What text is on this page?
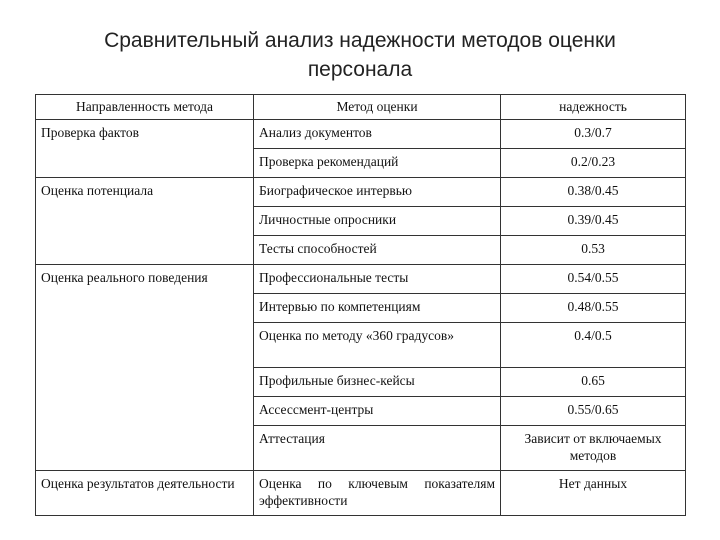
Сравнительный анализ надежности методов оценки
персонала
Направленность метода	Метод оценки	надежность
Проверка фактов	Анализ документов	0.3/0.7
	Проверка рекомендаций	0.2/0.23
Оценка потенциала	Биографическое интервью	0.38/0.45
	Личностные опросники	0.39/0.45
	Тесты способностей	0.53
Оценка реального поведения	Профессиональные тесты	0.54/0.55
	Интервью по компетенциям	0.48/0.55
	Оценка по методу «360 градусов»	0.4/0.5
	Профильные бизнес-кейсы	0.65
	Ассессмент-центры	0.55/0.65
	Аттестация	Зависит от включаемых методов
Оценка результатов деятельности	Оценка по ключевым показателям эффективности	Нет данных
